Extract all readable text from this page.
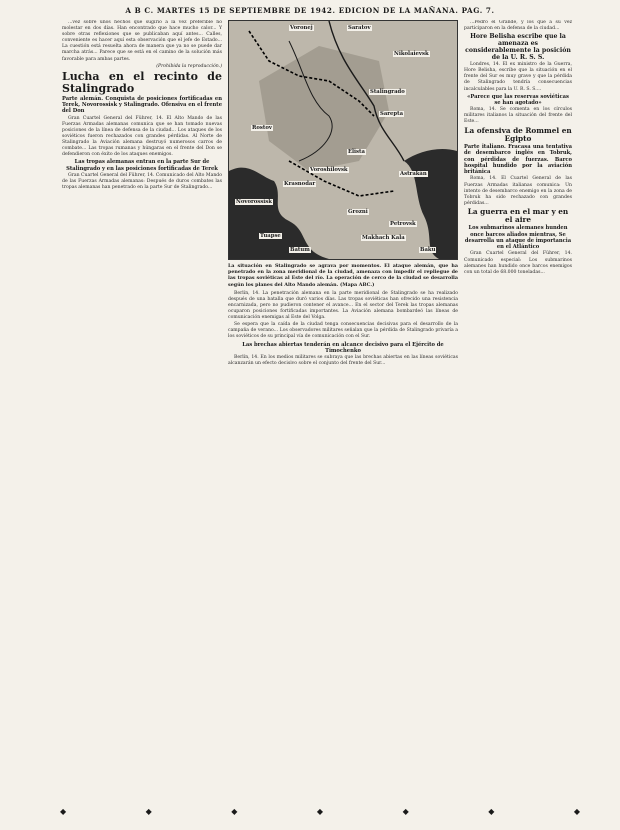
A B C. MARTES 15 DE SEPTIEMBRE DE 1942. EDICION DE LA MAÑANA. PAG. 7.

...vez sobre unos hechos que sugirió a la vez preferible no molestar en dos días. Han encontrado que hace mucho calor... Y sobre otras reflexiones que se publicaban aquí antes... Calles, conveniente es hacer aquí esta observación que el jefe de Estado... La cuestión está resuelta ahora de manera que ya no se puede dar marcha atrás... Parece que se está en el camino de la solución más favorable para ambas partes.

(Prohibida la reproducción.)

Lucha en el recinto de Stalingrado

Parte alemán. Conquista de posiciones fortificadas en Terek, Novorossisk y Stalingrado. Ofensiva en el frente del Don

Gran Cuartel General del Führer, 14. El Alto Mando de las Fuerzas Armadas alemanas comunica que se han tomado nuevas posiciones de la línea de defensa de la ciudad... Los ataques de los soviéticos fueron rechazados con grandes pérdidas. Al Norte de Stalingrado la Aviación alemana destruyó numerosos carros de combate... Las tropas rumanas y húngaras en el frente del Don se defendieron con éxito de los ataques enemigos.

Las tropas alemanas entran en la parte Sur de Stalingrado y en las posiciones fortificadas de Terek

Gran Cuartel General del Führer, 14. Comunicado del Alto Mando de las Fuerzas Armadas alemanas: Después de duros combates las tropas alemanas han penetrado en la parte Sur de Stalingrado...

Voronej	Saratov
Nikolaievsk
Stalingrado
Sarepta
Elista
Rostov
Krasnodar
Novorossisk
Voroshilovsk
Grozni
Astrakán
Petrovsk
Makhach Kala
Baku
Tuapse
Batum
La situación en Stalingrado se agrava por momentos. El ataque alemán, que ha penetrado en la zona meridional de la ciudad, amenaza con impedir el repliegue de las tropas soviéticas al Este del río. La operación de cerco de la ciudad se desarrolla según los planes del Alto Mando alemán. (Mapa ABC.)

Berlín, 14. La penetración alemana en la parte meridional de Stalingrado se ha realizado después de una batalla que duró varios días. Las tropas soviéticas han ofrecido una resistencia encarnizada, pero no pudieron contener el avance... En el sector del Terek las tropas alemanas ocuparon posiciones fortificadas importantes. La Aviación alemana bombardeó las líneas de comunicación enemigas al Este del Volga.

Se espera que la caída de la ciudad tenga consecuencias decisivas para el desarrollo de la campaña de verano... Los observadores militares señalan que la pérdida de Stalingrado privaría a los soviéticos de su principal vía de comunicación con el Sur.

Las brechas abiertas tenderán en alcance decisivo para el Ejército de Timochenko

Berlín, 14. En los medios militares se subraya que las brechas abiertas en las líneas soviéticas alcanzarán un efecto decisivo sobre el conjunto del frente del Sur...

...Pedro el Grande, y los que a su vez participaron en la defensa de la ciudad...

Hore Belisha escribe que la amenaza es considerablemente la posición de la U. R. S. S.

Londres, 14. El ex ministro de la Guerra, Hore Belisha, escribe que la situación en el frente del Sur es muy grave y que la pérdida de Stalingrado tendría consecuencias incalculables para la U. R. S. S....

«Parece que las reservas soviéticas se han agotado»

Roma, 14. Se comenta en los círculos militares italianos la situación del frente del Este...

La ofensiva de Rommel en Egipto

Parte italiano. Fracasa una tentativa de desembarco inglés en Tobruk, con pérdidas de fuerzas. Barco hospital hundido por la aviación británica

Roma, 14. El Cuartel General de las Fuerzas Armadas italianas comunica: Un intento de desembarco enemigo en la zona de Tobruk ha sido rechazado con grandes pérdidas...

La guerra en el mar y en el aire

Los submarinos alemanes hunden once barcos aliados mientras, Se desarrolla un ataque de importancia en el Atlántico

Gran Cuartel General del Führer, 14. Comunicado especial: Los submarinos alemanes han hundido once barcos enemigos con un total de 68.000 toneladas...

◆	◆	◆	◆	◆	◆	◆
